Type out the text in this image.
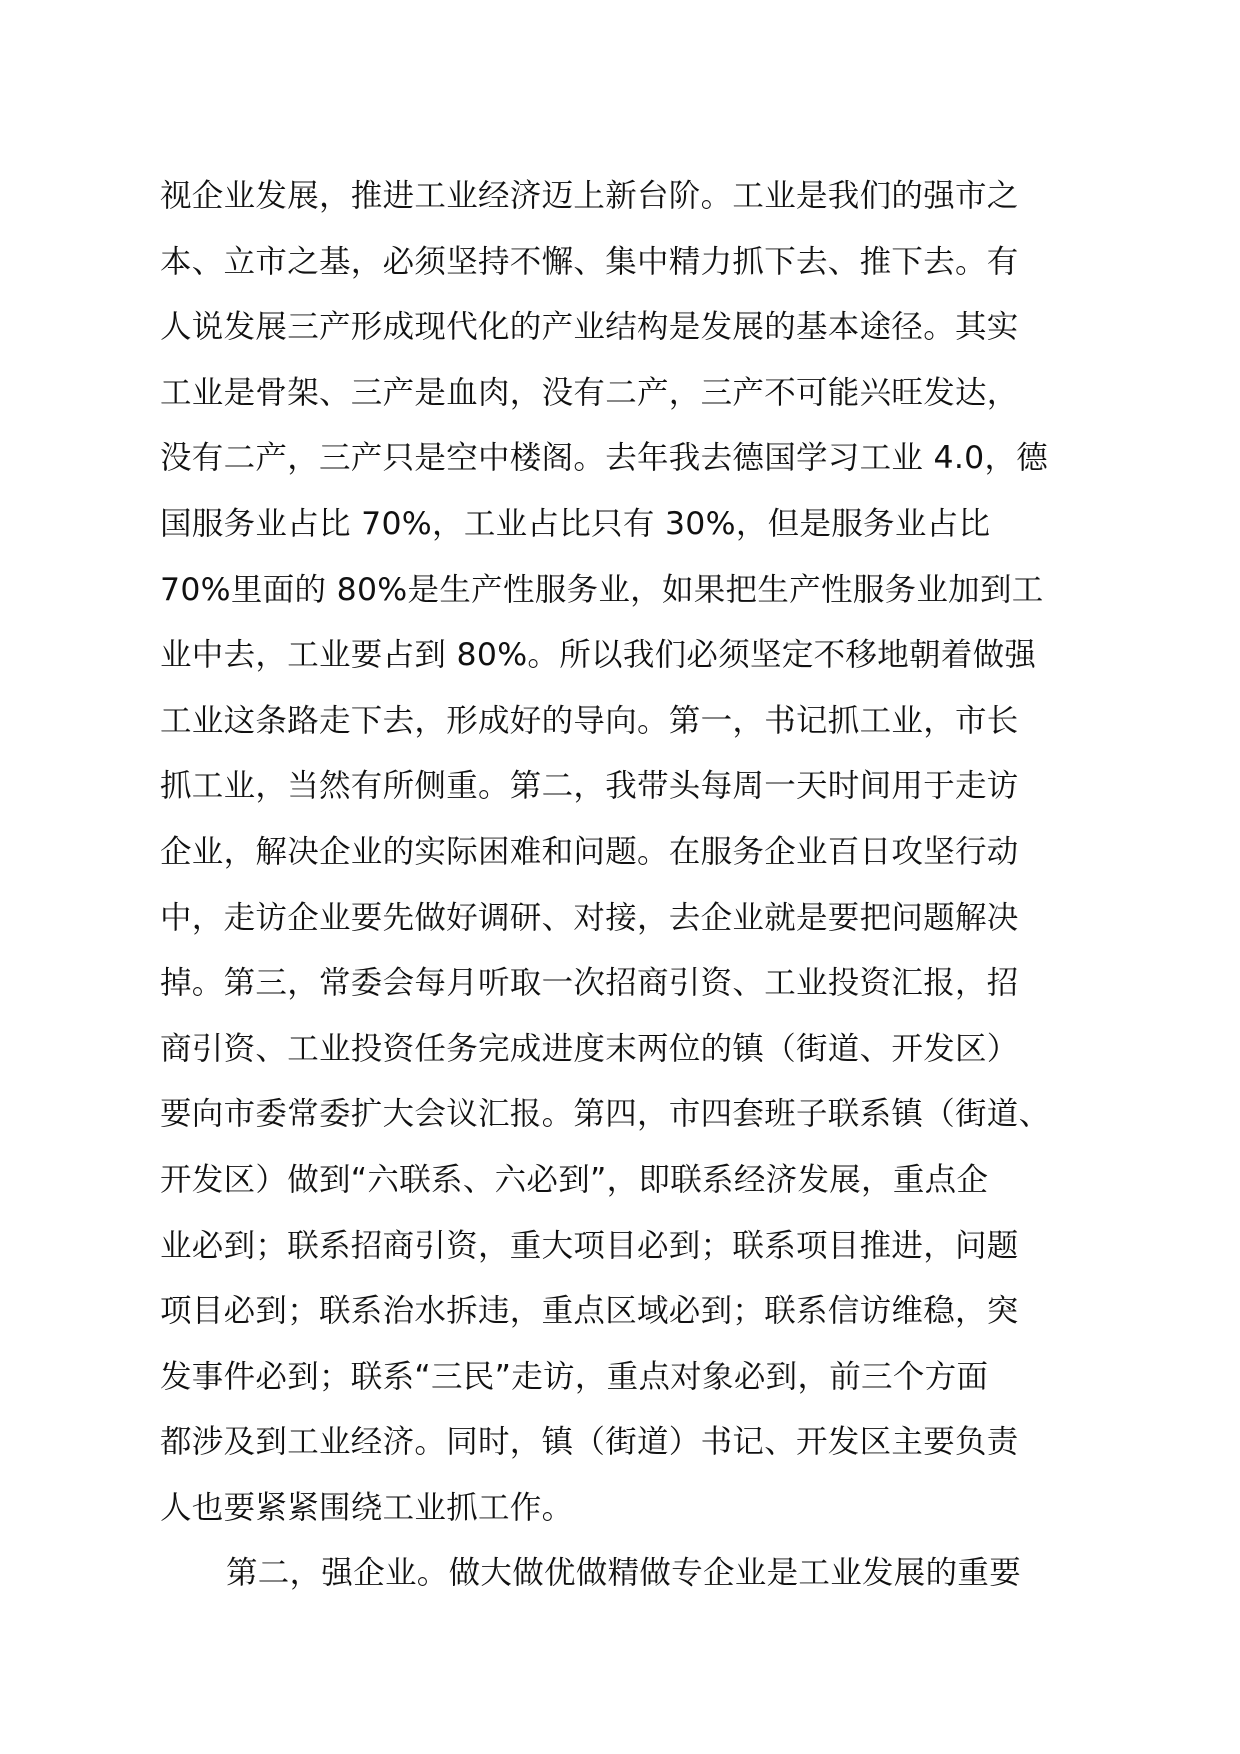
视企业发展，推进工业经济迈上新台阶。工业是我们的强市之
本、立市之基，必须坚持不懈、集中精力抓下去、推下去。有
人说发展三产形成现代化的产业结构是发展的基本途径。其实
工业是骨架、三产是血肉，没有二产，三产不可能兴旺发达，
没有二产，三产只是空中楼阁。去年我去德国学习工业 4.0，德
国服务业占比 70%，工业占比只有 30%，但是服务业占比
70%里面的 80%是生产性服务业，如果把生产性服务业加到工
业中去，工业要占到 80%。所以我们必须坚定不移地朝着做强
工业这条路走下去，形成好的导向。第一，书记抓工业，市长
抓工业，当然有所侧重。第二，我带头每周一天时间用于走访
企业，解决企业的实际困难和问题。在服务企业百日攻坚行动
中，走访企业要先做好调研、对接，去企业就是要把问题解决
掉。第三，常委会每月听取一次招商引资、工业投资汇报，招
商引资、工业投资任务完成进度末两位的镇（街道、开发区）
要向市委常委扩大会议汇报。第四，市四套班子联系镇（街道、
开发区）做到“六联系、六必到”，即联系经济发展，重点企
业必到；联系招商引资，重大项目必到；联系项目推进，问题
项目必到；联系治水拆违，重点区域必到；联系信访维稳，突
发事件必到；联系“三民”走访，重点对象必到，前三个方面
都涉及到工业经济。同时，镇（街道）书记、开发区主要负责
人也要紧紧围绕工业抓工作。
第二，强企业。做大做优做精做专企业是工业发展的重要
